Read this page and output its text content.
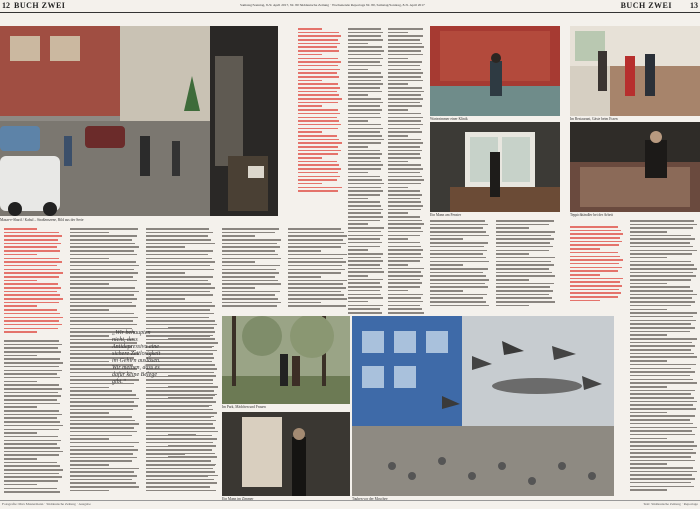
12 BUCH ZWEI	Samstag/Sonntag, 8./9. April 2017, Nr. 80 Süddeutsche Zeitung · Wochenende Reportage Nr. 80, Samstag/Sonntag, 8./9. April 2017	BUCH ZWEI 13
Mazar-e-Sharif / Kabul – Straßenszene, Bild aus der Serie
Wartezimmer einer Klinik	Im Restaurant, Gäste beim Essen
Ein Mann am Fenster	Teppichhändler bei der Arbeit
Im Park, Mädchen und Frauen
Ein Mann im Zimmer	Tauben vor der Moschee
„Wir behaupten nicht, dass Antidepressiva eine sichere Zeitlosigkeit im Gehirn auslösen. Wir meinen, dass es dafür keine Belege gibt.“
Fotografie: Max Mustermann · Süddeutsche Zeitung · Ausgabe	Text: Süddeutsche Zeitung · Reportage
